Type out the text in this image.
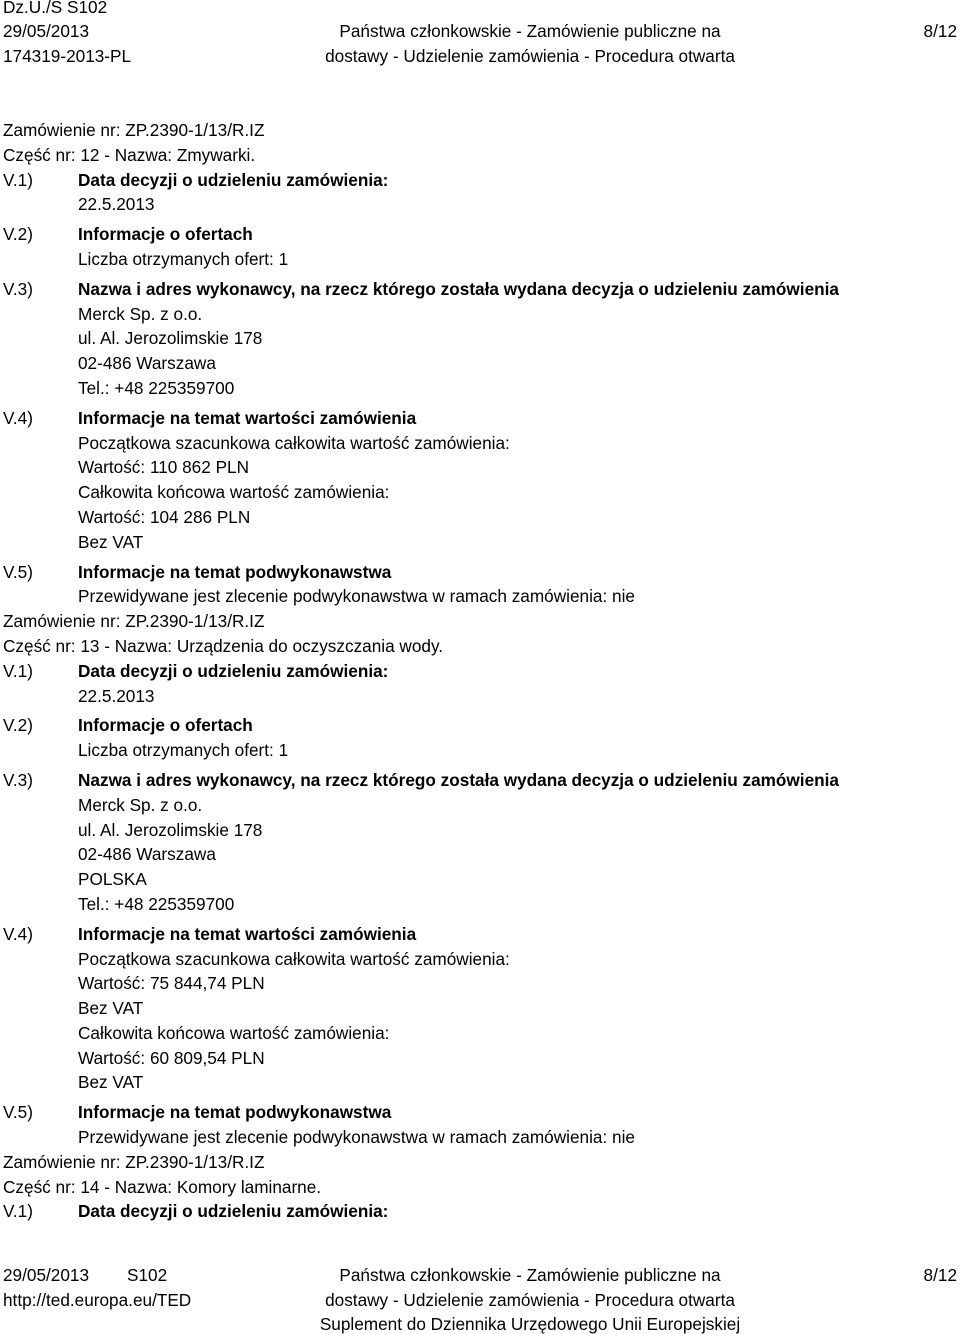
Dz.U./S S102
29/05/2013
174319-2013-PL
Państwa członkowskie - Zamówienie publiczne na
dostawy - Udzielenie zamówienia - Procedura otwarta
8/12
Zamówienie nr: ZP.2390-1/13/R.IZ
Część nr: 12 - Nazwa: Zmywarki.
V.1)	Data decyzji o udzieleniu zamówienia:
22.5.2013
V.2)	Informacje o ofertach
Liczba otrzymanych ofert: 1
V.3)	Nazwa i adres wykonawcy, na rzecz którego została wydana decyzja o udzieleniu zamówienia
Merck Sp. z o.o.
ul. Al. Jerozolimskie 178
02-486 Warszawa
Tel.: +48 225359700
V.4)	Informacje na temat wartości zamówienia
Początkowa szacunkowa całkowita wartość zamówienia:
Wartość: 110 862 PLN
Całkowita końcowa wartość zamówienia:
Wartość: 104 286 PLN
Bez VAT
V.5)	Informacje na temat podwykonawstwa
Przewidywane jest zlecenie podwykonawstwa w ramach zamówienia: nie
Zamówienie nr: ZP.2390-1/13/R.IZ
Część nr: 13 - Nazwa: Urządzenia do oczyszczania wody.
V.1)	Data decyzji o udzieleniu zamówienia:
22.5.2013
V.2)	Informacje o ofertach
Liczba otrzymanych ofert: 1
V.3)	Nazwa i adres wykonawcy, na rzecz którego została wydana decyzja o udzieleniu zamówienia
Merck Sp. z o.o.
ul. Al. Jerozolimskie 178
02-486 Warszawa
POLSKA
Tel.: +48 225359700
V.4)	Informacje na temat wartości zamówienia
Początkowa szacunkowa całkowita wartość zamówienia:
Wartość: 75 844,74 PLN
Bez VAT
Całkowita końcowa wartość zamówienia:
Wartość: 60 809,54 PLN
Bez VAT
V.5)	Informacje na temat podwykonawstwa
Przewidywane jest zlecenie podwykonawstwa w ramach zamówienia: nie
Zamówienie nr: ZP.2390-1/13/R.IZ
Część nr: 14 - Nazwa: Komory laminarne.
V.1)	Data decyzji o udzieleniu zamówienia:
29/05/2013 S102
http://ted.europa.eu/TED
Państwa członkowskie - Zamówienie publiczne na
dostawy - Udzielenie zamówienia - Procedura otwarta
Suplement do Dziennika Urzędowego Unii Europejskiej
8/12
